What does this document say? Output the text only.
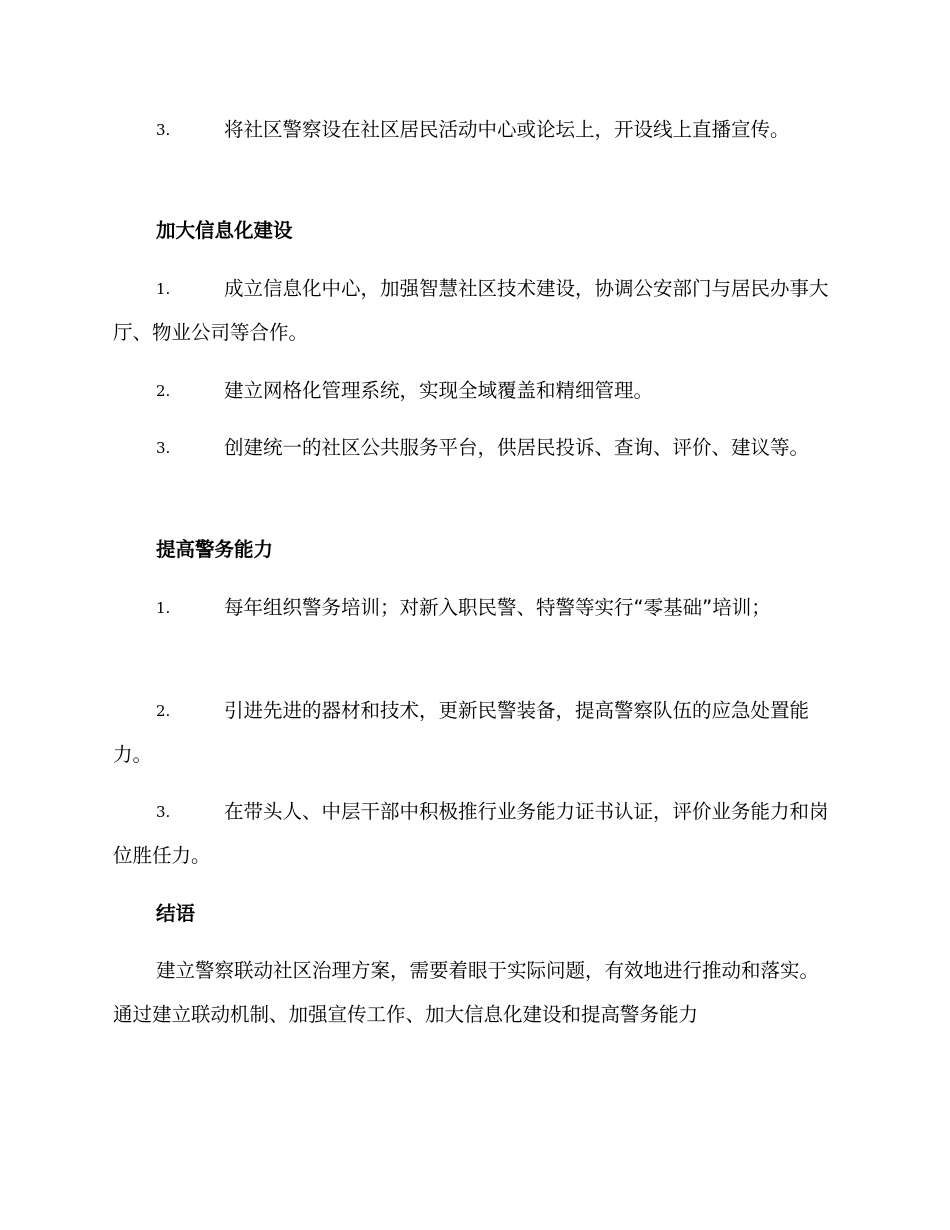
3.	将社区警察设在社区居民活动中心或论坛上，开设线上直播宣传。

加大信息化建设

1.	成立信息化中心，加强智慧社区技术建设，协调公安部门与居民办事大厅、物业公司等合作。

2.	建立网格化管理系统，实现全域覆盖和精细管理。

3.	创建统一的社区公共服务平台，供居民投诉、查询、评价、建议等。

提高警务能力

1.	每年组织警务培训；对新入职民警、特警等实行“零基础”培训；

2.	引进先进的器材和技术，更新民警装备，提高警察队伍的应急处置能力。

3.	在带头人、中层干部中积极推行业务能力证书认证，评价业务能力和岗位胜任力。

结语

建立警察联动社区治理方案，需要着眼于实际问题，有效地进行推动和落实。通过建立联动机制、加强宣传工作、加大信息化建设和提高警务能力
